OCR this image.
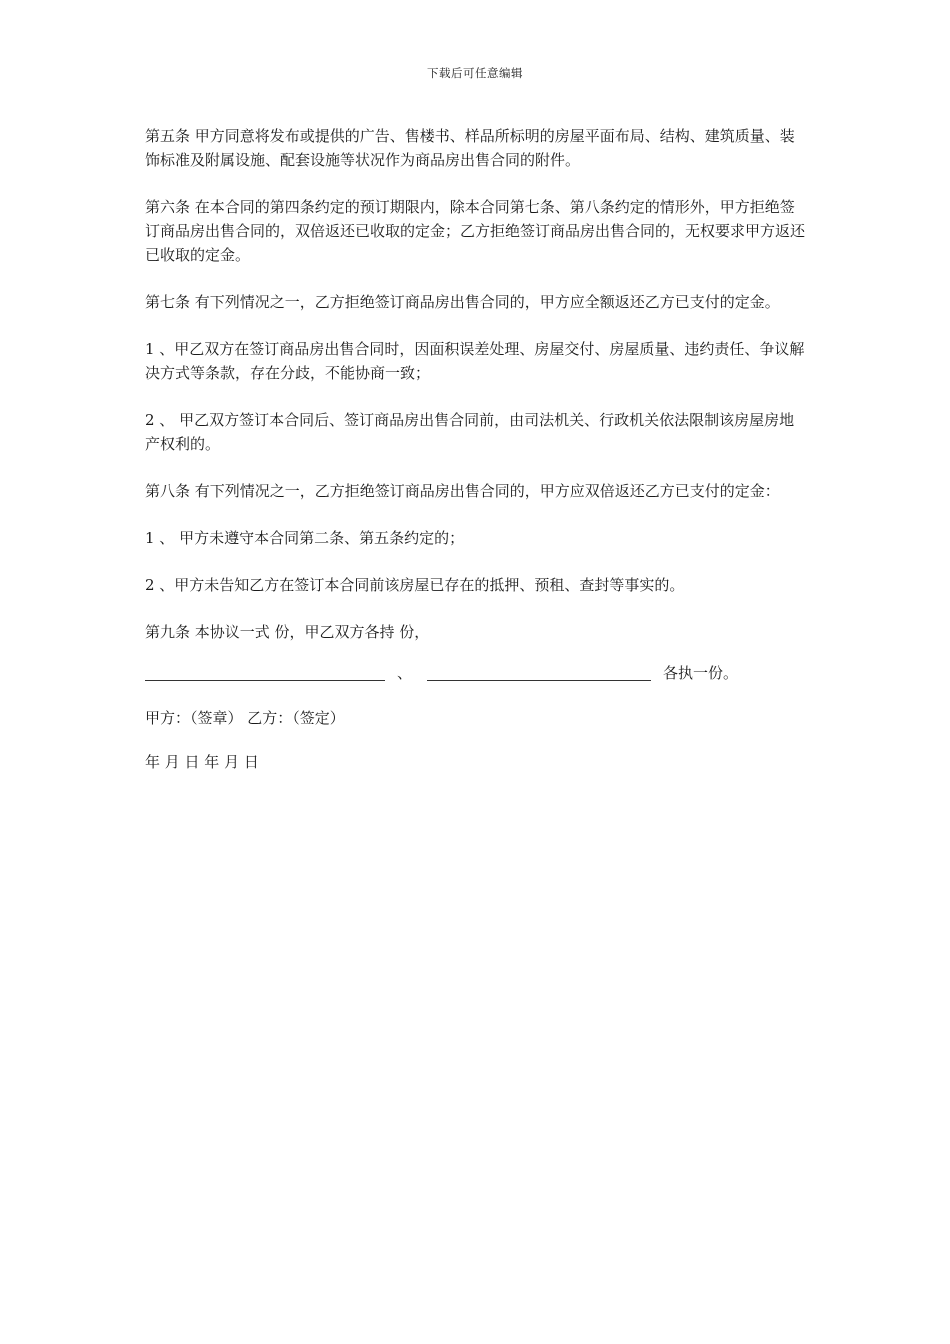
下载后可任意编辑

第五条 甲方同意将发布或提供的广告、售楼书、样品所标明的房屋平面布局、结构、建筑质量、装饰标准及附属设施、配套设施等状况作为商品房出售合同的附件。

第六条 在本合同的第四条约定的预订期限内，除本合同第七条、第八条约定的情形外，甲方拒绝签订商品房出售合同的，双倍返还已收取的定金；乙方拒绝签订商品房出售合同的，无权要求甲方返还已收取的定金。

第七条 有下列情况之一，乙方拒绝签订商品房出售合同的，甲方应全额返还乙方已支付的定金。

1 、甲乙双方在签订商品房出售合同时，因面积误差处理、房屋交付、房屋质量、违约责任、争议解决方式等条款，存在分歧，不能协商一致；

2 、 甲乙双方签订本合同后、签订商品房出售合同前，由司法机关、行政机关依法限制该房屋房地产权利的。

第八条 有下列情况之一，乙方拒绝签订商品房出售合同的，甲方应双倍返还乙方已支付的定金：

1 、 甲方未遵守本合同第二条、第五条约定的；

2 、甲方未告知乙方在签订本合同前该房屋已存在的抵押、预租、查封等事实的。

第九条 本协议一式 份，甲乙双方各持 份，

、	各执一份。

甲方：（签章） 乙方：（签定）

年 月 日 年 月 日
